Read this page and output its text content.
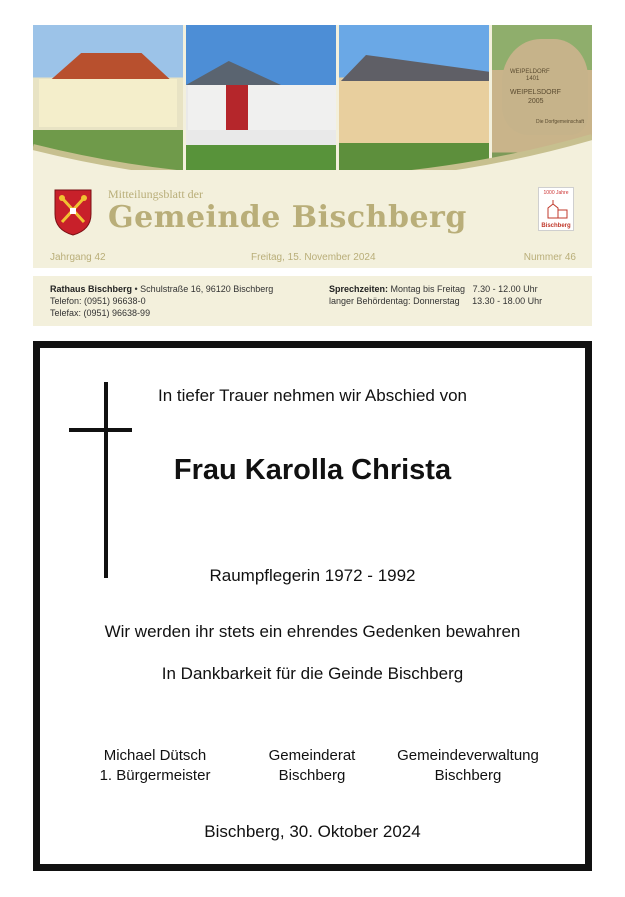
WEIPELDORF
1401
WEIPELSDORF
2005
Die Dorfgemeinschaft
Mitteilungsblatt der
Gemeinde Bischberg
1000 Jahre
Bischberg
Jahrgang 42	Freitag, 15. November 2024	Nummer 46
Rathaus Bischberg • Schulstraße 16, 96120 Bischberg
Telefon: (0951) 96638-0
Telefax: (0951) 96638-99
Sprechzeiten: Montag bis Freitag 7.30 - 12.00 Uhr
langer Behördentag: Donnerstag 13.30 - 18.00 Uhr
In tiefer Trauer nehmen wir Abschied von
Frau Karolla Christa
Raumpflegerin 1972 - 1992
Wir werden ihr stets ein ehrendes Gedenken bewahren
In Dankbarkeit für die Geinde Bischberg
Michael Dütsch
1. Bürgermeister
Gemeinderat
Bischberg
Gemeindeverwaltung
Bischberg
Bischberg, 30. Oktober 2024
